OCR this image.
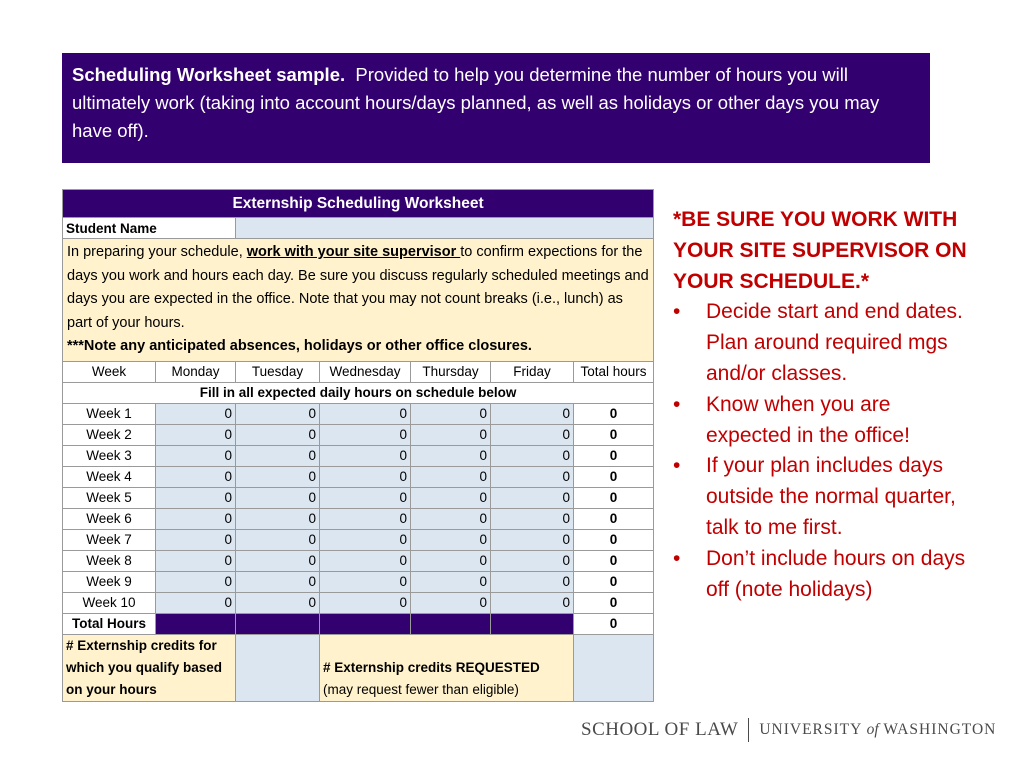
Scheduling Worksheet sample. Provided to help you determine the number of hours you will ultimately work (taking into account hours/days planned, as well as holidays or other days you may have off).
Externship Scheduling Worksheet						
Student Name						
In preparing your schedule, work with your site supervisor to confirm expections for the days you work and hours each day. Be sure you discuss regularly scheduled meetings and days you are expected in the office. Note that you may not count breaks (i.e., lunch) as part of your hours.
***Note any anticipated absences, holidays or other office closures.						
Week	Monday	Tuesday	Wednesday	Thursday	Friday	Total hours
Fill in all expected daily hours on schedule below						
Week 1	0	0	0	0	0	0
Week 2	0	0	0	0	0	0
Week 3	0	0	0	0	0	0
Week 4	0	0	0	0	0	0
Week 5	0	0	0	0	0	0
Week 6	0	0	0	0	0	0
Week 7	0	0	0	0	0	0
Week 8	0	0	0	0	0	0
Week 9	0	0	0	0	0	0
Week 10	0	0	0	0	0	0
Total Hours						0
# Externship credits for which you qualify based on your hours			# Externship credits REQUESTED
(may request fewer than eligible)			
*BE SURE YOU WORK WITH YOUR SITE SUPERVISOR ON YOUR SCHEDULE.*
• Decide start and end dates. Plan around required mgs and/or classes.
• Know when you are expected in the office!
• If your plan includes days outside the normal quarter, talk to me first.
• Don’t include hours on days off (note holidays)
SCHOOL OF LAW UNIVERSITY of WASHINGTON
